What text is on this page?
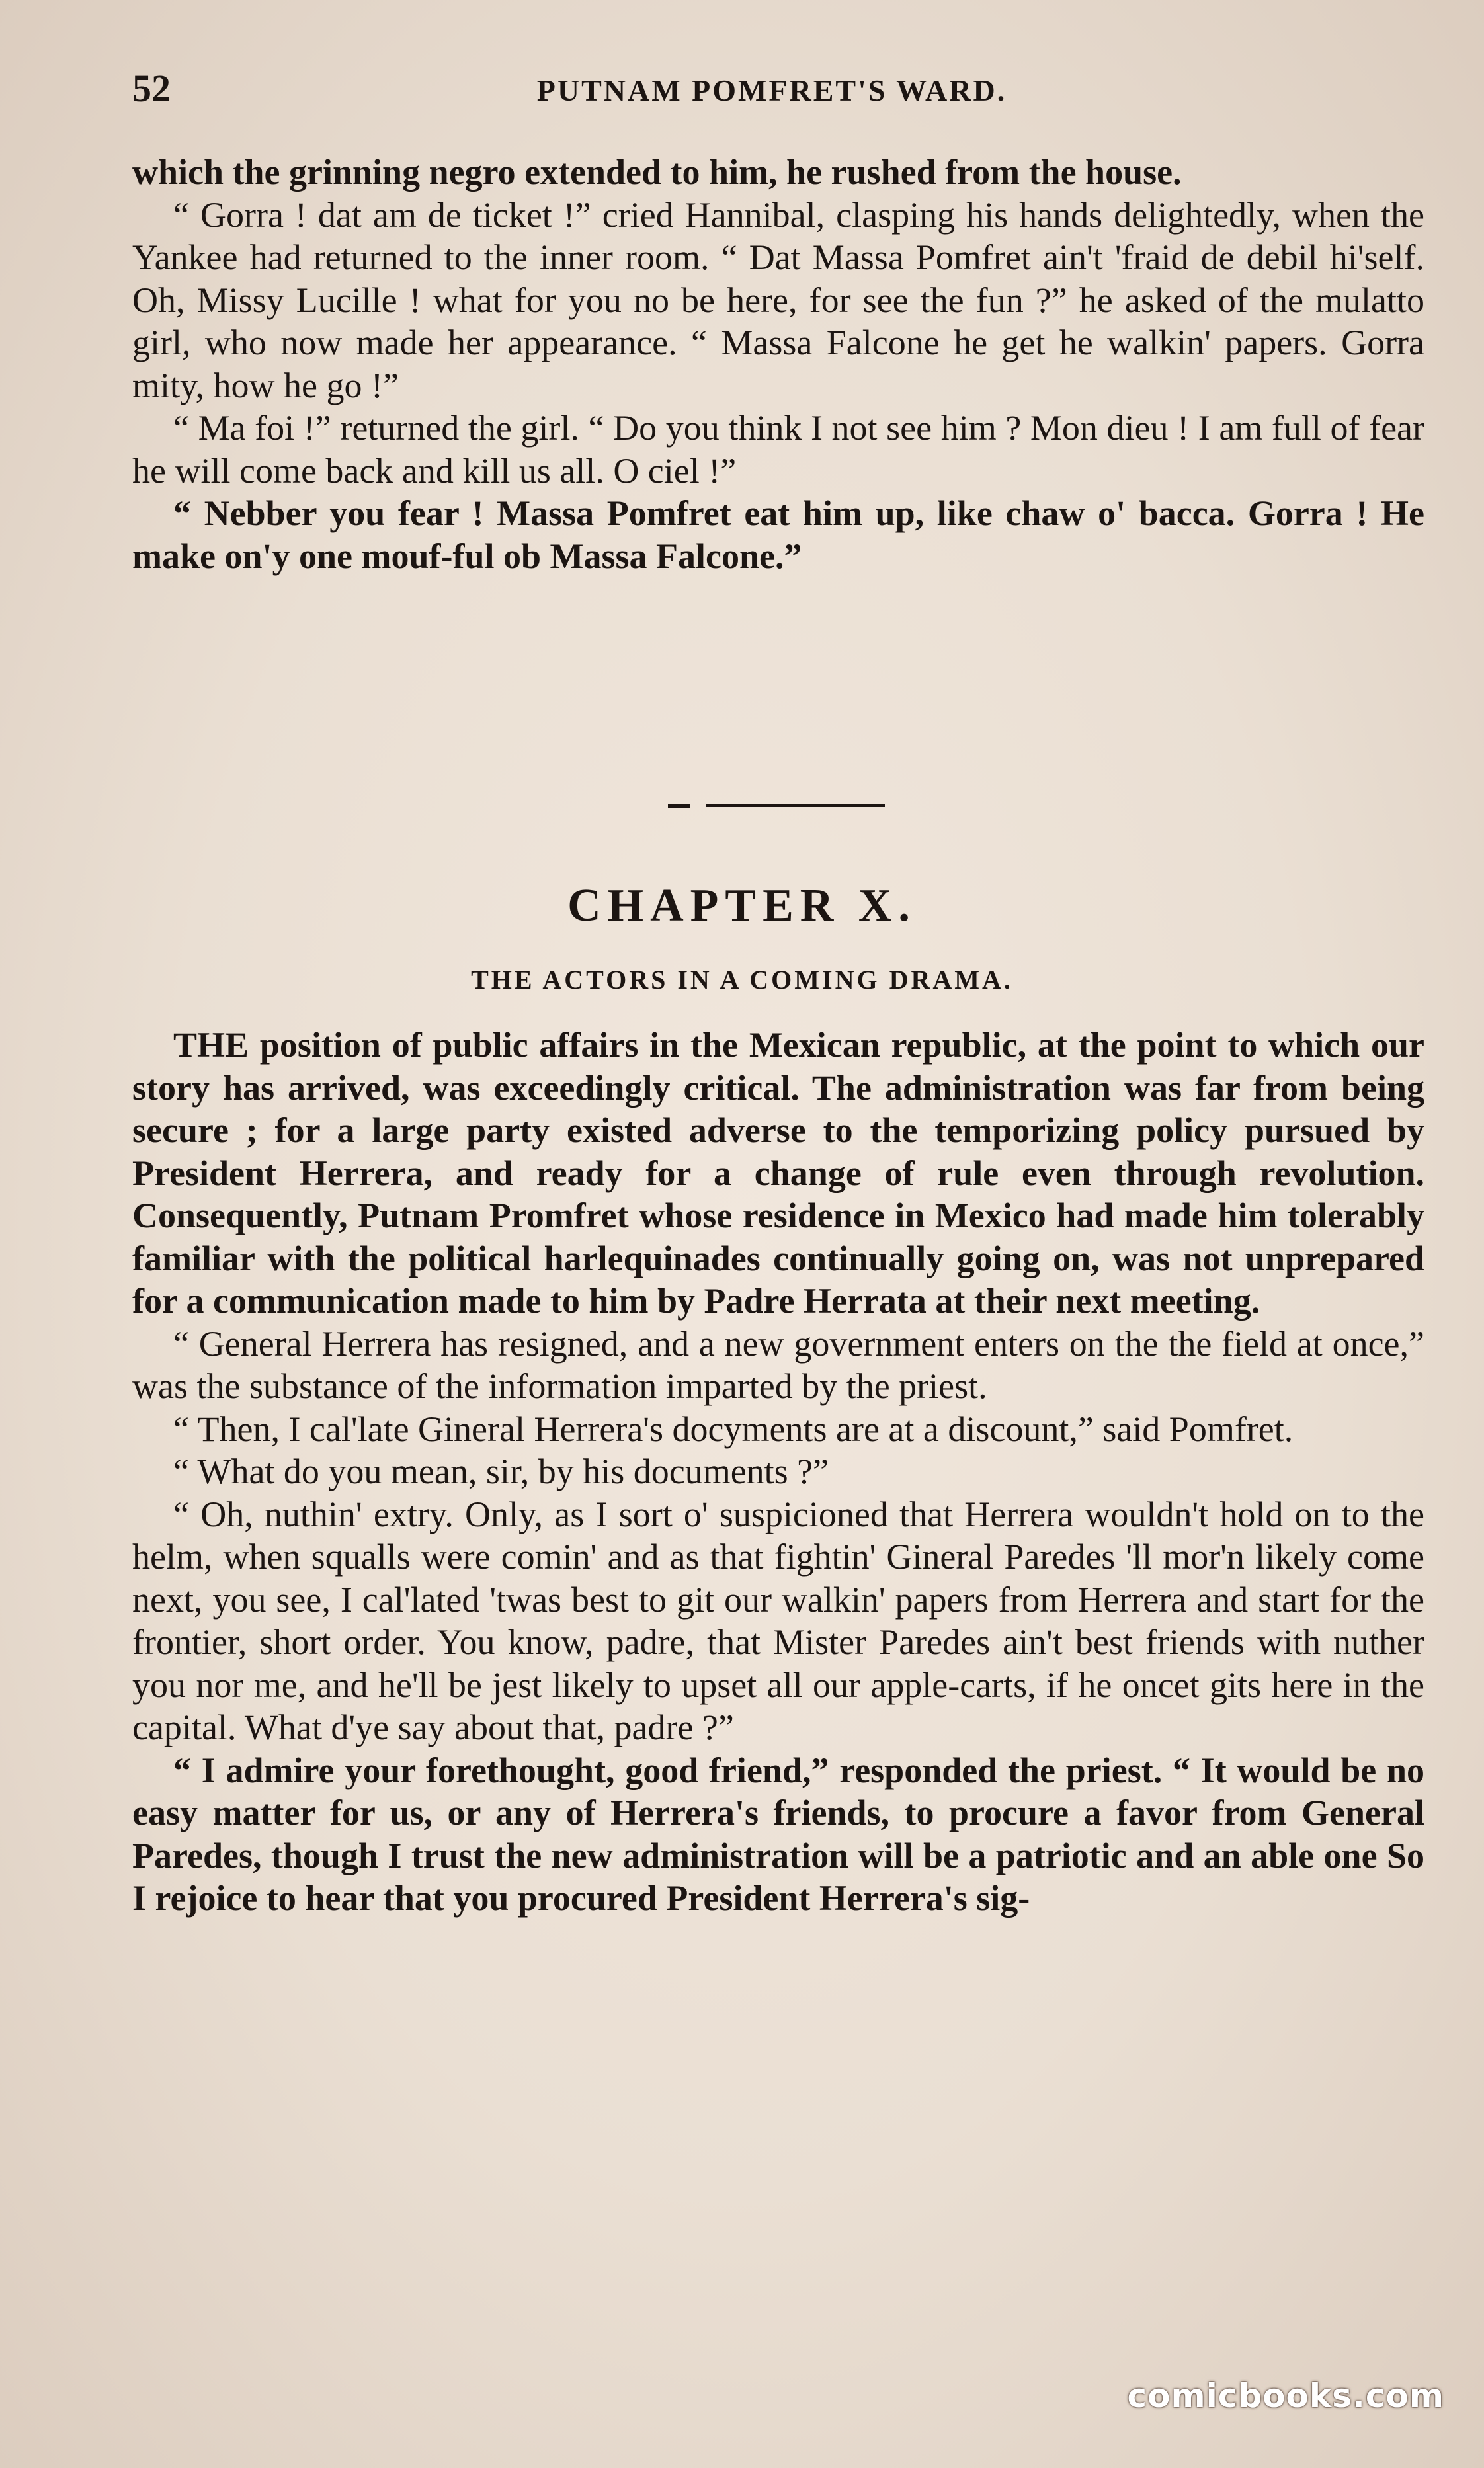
52	PUTNAM POMFRET'S WARD.

which the grinning negro extended to him, he rushed from the house.

“ Gorra ! dat am de ticket !” cried Hannibal, clasping his hands delightedly, when the Yankee had returned to the inner room. “ Dat Massa Pomfret ain't 'fraid de debil hi'self. Oh, Missy Lucille ! what for you no be here, for see the fun ?” he asked of the mulatto girl, who now made her appearance. “ Massa Falcone he get he walkin' papers. Gorra mity, how he go !”

“ Ma foi !” returned the girl. “ Do you think I not see him ? Mon dieu ! I am full of fear he will come back and kill us all. O ciel !”

“ Nebber you fear ! Massa Pomfret eat him up, like chaw o' bacca. Gorra ! He make on'y one mouf-ful ob Massa Falcone.”

CHAPTER X.
THE ACTORS IN A COMING DRAMA.

THE position of public affairs in the Mexican republic, at the point to which our story has arrived, was exceedingly critical. The administration was far from being secure ; for a large party existed adverse to the temporizing policy pursued by President Herrera, and ready for a change of rule even through revolution. Consequently, Putnam Promfret whose residence in Mexico had made him tolerably familiar with the political harlequinades continually going on, was not unprepared for a communication made to him by Padre Herrata at their next meeting.

“ General Herrera has resigned, and a new government enters on the the field at once,” was the substance of the information imparted by the priest.

“ Then, I cal'late Gineral Herrera's docyments are at a discount,” said Pomfret.

“ What do you mean, sir, by his documents ?”

“ Oh, nuthin' extry. Only, as I sort o' suspicioned that Herrera wouldn't hold on to the helm, when squalls were comin' and as that fightin' Gineral Paredes 'll mor'n likely come next, you see, I cal'lated 'twas best to git our walkin' papers from Herrera and start for the frontier, short order. You know, padre, that Mister Paredes ain't best friends with nuther you nor me, and he'll be jest likely to upset all our apple-carts, if he oncet gits here in the capital. What d'ye say about that, padre ?”

“ I admire your forethought, good friend,” responded the priest. “ It would be no easy matter for us, or any of Herrera's friends, to procure a favor from General Paredes, though I trust the new administration will be a patriotic and an able one So I rejoice to hear that you procured President Herrera's sig-

comicbooks.com
